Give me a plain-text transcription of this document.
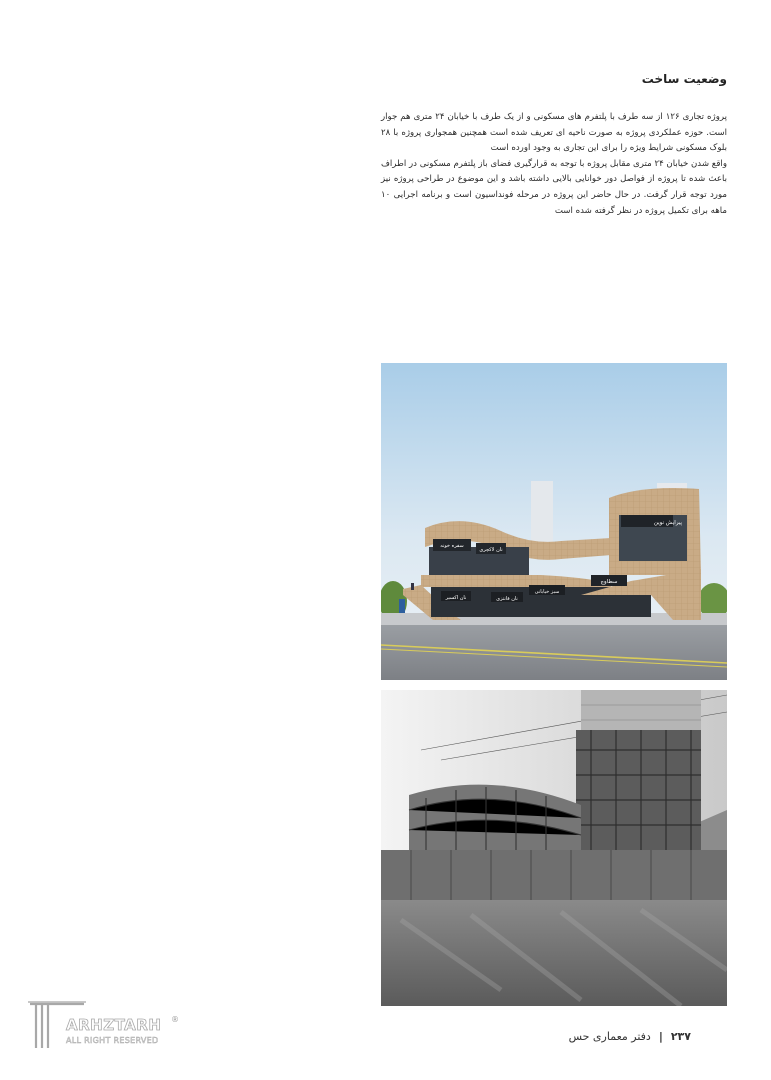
وضعیت ساخت

پروژه تجاری ۱۲۶ از سه طرف با پلتفرم های مسکونی و از یک طرف با خیابان ۲۴ متری هم جوار است. حوزه عملکردی پروژه به صورت ناحیه ای تعریف شده است همچنین همجواری پروژه با ۲۸ بلوک مسکونی شرایط ویژه را برای این تجاری به وجود اورده است

واقع شدن خیابان ۲۴ متری مقابل پروژه با توجه به قرارگیری فضای باز پلتفرم مسکونی در اطراف باعث شده تا پروژه از فواصل دور خوانایی بالایی داشته باشد و این موضوع در طراحی پروژه نیز مورد توجه قرار گرفت. در حال حاضر این پروژه در مرحله فونداسیون است و برنامه اجرایی ۱۰ ماهه برای تکمیل پروژه در نظر گرفته شده است

پیرایش نوین
سفره خونه
نان لاکچری
نان اکسیر	نان فانتزی
سطاوچ
سبز خیابانی
ARHZTARH
ALL RIGHT RESERVED
®
۲۳۷
|
دفتر معماری حس
